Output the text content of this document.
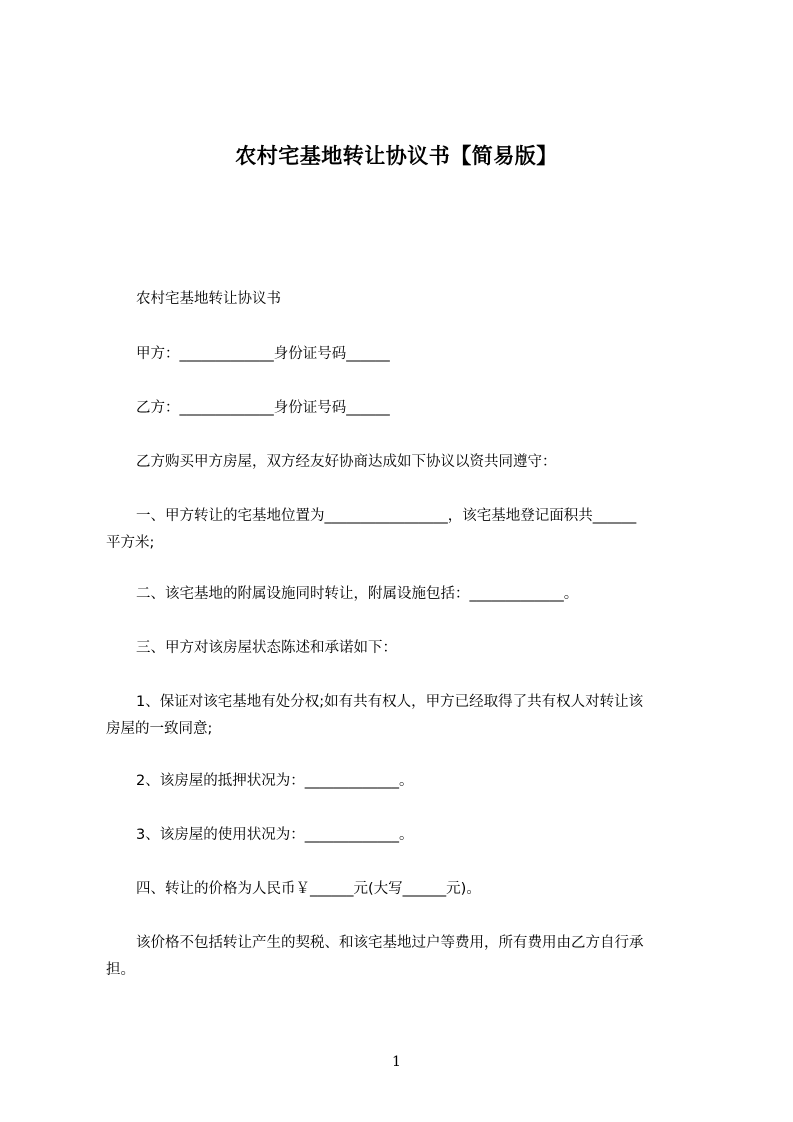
农村宅基地转让协议书【简易版】
农村宅基地转让协议书
甲方：_____________身份证号码______
乙方：_____________身份证号码______
乙方购买甲方房屋，双方经友好协商达成如下协议以资共同遵守：
一、甲方转让的宅基地位置为_________________，该宅基地登记面积共______
平方米;
二、该宅基地的附属设施同时转让，附属设施包括：_____________。
三、甲方对该房屋状态陈述和承诺如下：
1、保证对该宅基地有处分权;如有共有权人，甲方已经取得了共有权人对转让该
房屋的一致同意;
2、该房屋的抵押状况为：_____________。
3、该房屋的使用状况为：_____________。
四、转让的价格为人民币￥______元(大写______元)。
该价格不包括转让产生的契税、和该宅基地过户等费用，所有费用由乙方自行承
担。
1
